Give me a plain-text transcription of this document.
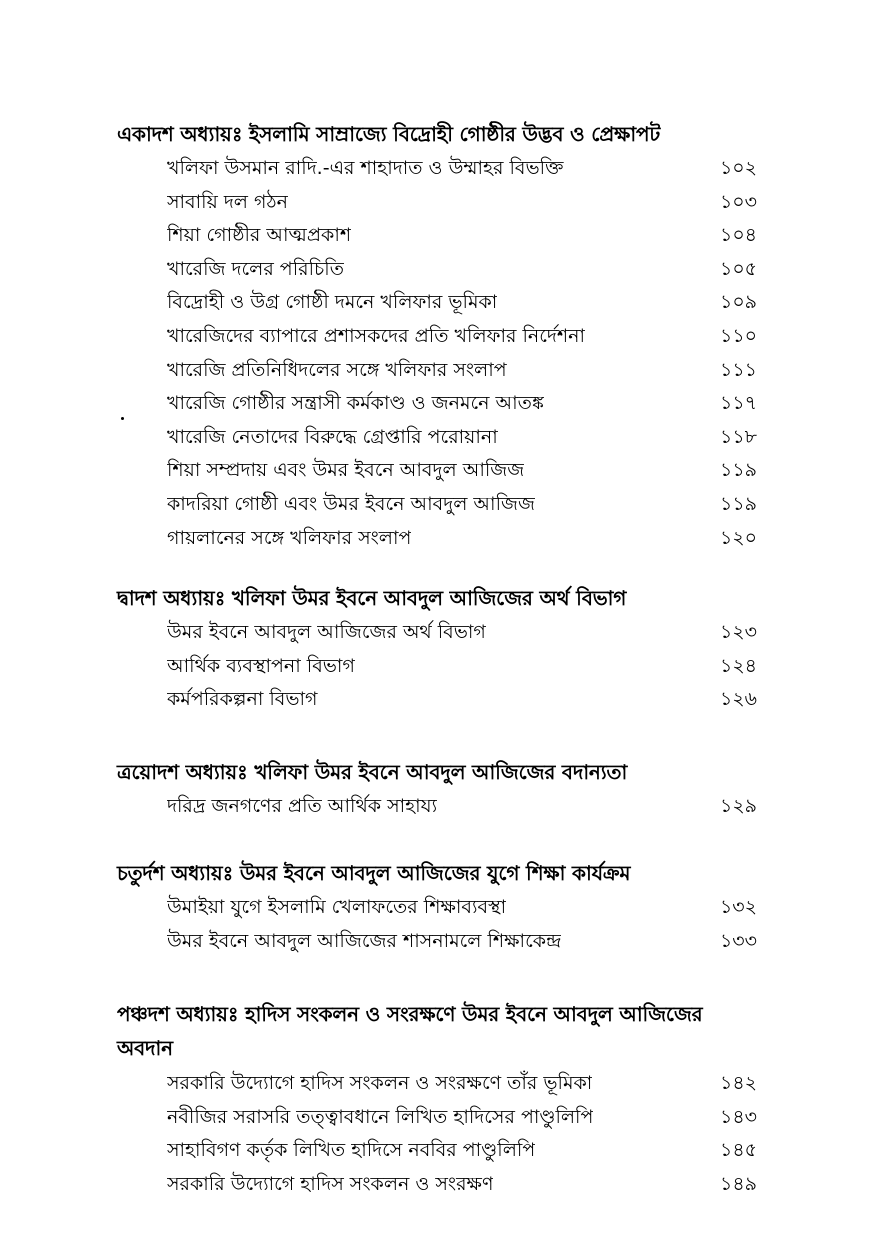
একাদশ অধ্যায়ঃ ইসলামি সাম্রাজ্যে বিদ্রোহী গোষ্ঠীর উদ্ভব ও প্রেক্ষাপট
খলিফা উসমান রাদি.-এর শাহাদাত ও উম্মাহর বিভক্তি	১০২
সাবায়ি দল গঠন	১০৩
শিয়া গোষ্ঠীর আত্মপ্রকাশ	১০৪
খারেজি দলের পরিচিতি	১০৫
বিদ্রোহী ও উগ্র গোষ্ঠী দমনে খলিফার ভূমিকা	১০৯
খারেজিদের ব্যাপারে প্রশাসকদের প্রতি খলিফার নির্দেশনা	১১০
খারেজি প্রতিনিধিদলের সঙ্গে খলিফার সংলাপ	১১১
খারেজি গোষ্ঠীর সন্ত্রাসী কর্মকাণ্ড ও জনমনে আতঙ্ক	১১৭
খারেজি নেতাদের বিরুদ্ধে গ্রেপ্তারি পরোয়ানা	১১৮
শিয়া সম্প্রদায় এবং উমর ইবনে আবদুল আজিজ	১১৯
কাদরিয়া গোষ্ঠী এবং উমর ইবনে আবদুল আজিজ	১১৯
গায়লানের সঙ্গে খলিফার সংলাপ	১২০
দ্বাদশ অধ্যায়ঃ খলিফা উমর ইবনে আবদুল আজিজের অর্থ বিভাগ
উমর ইবনে আবদুল আজিজের অর্থ বিভাগ	১২৩
আর্থিক ব্যবস্থাপনা বিভাগ	১২৪
কর্মপরিকল্পনা বিভাগ	১২৬
ত্রয়োদশ অধ্যায়ঃ খলিফা উমর ইবনে আবদুল আজিজের বদান্যতা
দরিদ্র জনগণের প্রতি আর্থিক সাহায্য	১২৯
চতুর্দশ অধ্যায়ঃ উমর ইবনে আবদুল আজিজের যুগে শিক্ষা কার্যক্রম
উমাইয়া যুগে ইসলামি খেলাফতের শিক্ষাব্যবস্থা	১৩২
উমর ইবনে আবদুল আজিজের শাসনামলে শিক্ষাকেন্দ্র	১৩৩
পঞ্চদশ অধ্যায়ঃ হাদিস সংকলন ও সংরক্ষণে উমর ইবনে আবদুল আজিজের অবদান
সরকারি উদ্যোগে হাদিস সংকলন ও সংরক্ষণে তাঁর ভূমিকা	১৪২
নবীজির সরাসরি তত্ত্বাবধানে লিখিত হাদিসের পাণ্ডুলিপি	১৪৩
সাহাবিগণ কর্তৃক লিখিত হাদিসে নববির পাণ্ডুলিপি	১৪৫
সরকারি উদ্যোগে হাদিস সংকলন ও সংরক্ষণ	১৪৯
